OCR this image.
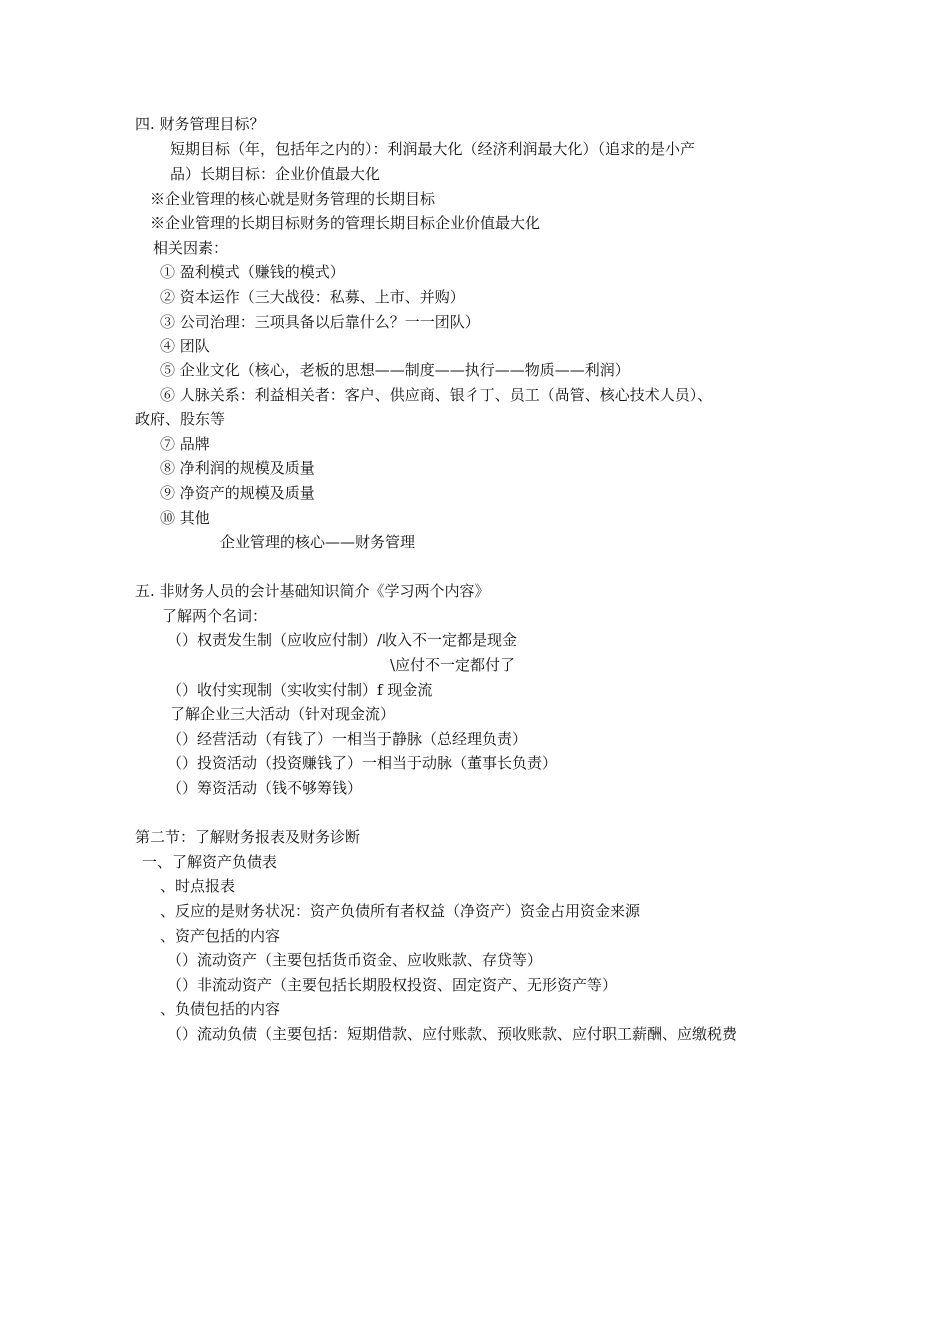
四. 财务管理目标？
短期目标（年，包括年之内的）：利润最大化（经济利润最大化）（追求的是小产
品）长期目标：企业价值最大化
※企业管理的核心就是财务管理的长期目标
※企业管理的长期目标财务的管理长期目标企业价值最大化
相关因素：
① 盈利模式（赚钱的模式）
② 资本运作（三大战役：私募、上市、并购）
③ 公司治理：三项具备以后靠什么？一一团队）
④ 团队
⑤ 企业文化（核心，老板的思想——制度——执行——物质——利润）
⑥ 人脉关系：利益相关者：客户、供应商、银彳丁、员工（咼管、核心技术人员）、
政府、股东等
⑦ 品牌
⑧ 净利润的规模及质量
⑨ 净资产的规模及质量
⑩ 其他
企业管理的核心——财务管理
五. 非财务人员的会计基础知识简介《学习两个内容》
了解两个名词：
（）权责发生制（应收应付制）/收入不一定都是现金
\应付不一定都付了
（）收付实现制（实收实付制）f 现金流
了解企业三大活动（针对现金流）
（）经营活动（有钱了）一相当于静脉（总经理负责）
（）投资活动（投资赚钱了）一相当于动脉（董事长负责）
（）筹资活动（钱不够筹钱）
第二节：了解财务报表及财务诊断
一、了解资产负债表
、时点报表
、反应的是财务状况：资产负债所有者权益（净资产）资金占用资金来源
、资产包括的内容
（）流动资产（主要包括货币资金、应收账款、存贷等）
（）非流动资产（主要包括长期股权投资、固定资产、无形资产等）
、负债包括的内容
（）流动负债（主要包括：短期借款、应付账款、预收账款、应付职工薪酬、应缴税费
